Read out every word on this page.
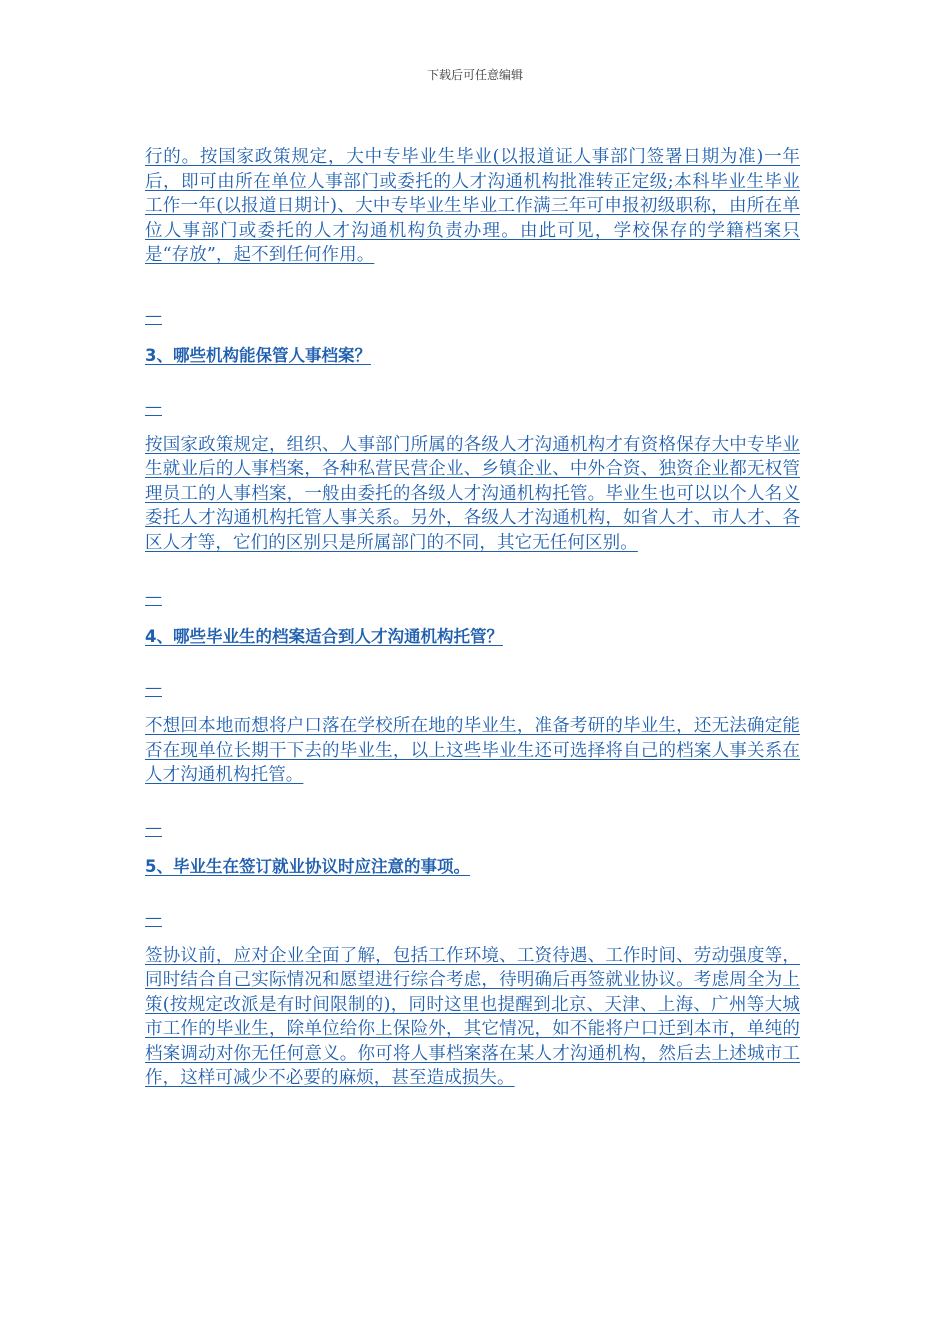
下载后可任意编辑

行的。按国家政策规定，大中专毕业生毕业(以报道证人事部门签署日期为准)一年后，即可由所在单位人事部门或委托的人才沟通机构批准转正定级;本科毕业生毕业工作一年(以报道日期计)、大中专毕业生毕业工作满三年可申报初级职称，由所在单位人事部门或委托的人才沟通机构负责办理。由此可见，学校保存的学籍档案只是“存放”，起不到任何作用。

—

3、哪些机构能保管人事档案？

—

按国家政策规定，组织、人事部门所属的各级人才沟通机构才有资格保存大中专毕业生就业后的人事档案，各种私营民营企业、乡镇企业、中外合资、独资企业都无权管理员工的人事档案，一般由委托的各级人才沟通机构托管。毕业生也可以以个人名义委托人才沟通机构托管人事关系。另外，各级人才沟通机构，如省人才、市人才、各区人才等，它们的区别只是所属部门的不同，其它无任何区别。

—

4、哪些毕业生的档案适合到人才沟通机构托管？

—

不想回本地而想将户口落在学校所在地的毕业生，准备考研的毕业生，还无法确定能否在现单位长期干下去的毕业生，以上这些毕业生还可选择将自己的档案人事关系在人才沟通机构托管。

—

5、毕业生在签订就业协议时应注意的事项。

—

签协议前，应对企业全面了解，包括工作环境、工资待遇、工作时间、劳动强度等，同时结合自己实际情况和愿望进行综合考虑，待明确后再签就业协议。考虑周全为上策(按规定改派是有时间限制的)，同时这里也提醒到北京、天津、上海、广州等大城市工作的毕业生，除单位给你上保险外，其它情况，如不能将户口迁到本市，单纯的档案调动对你无任何意义。你可将人事档案落在某人才沟通机构，然后去上述城市工作，这样可减少不必要的麻烦，甚至造成损失。
